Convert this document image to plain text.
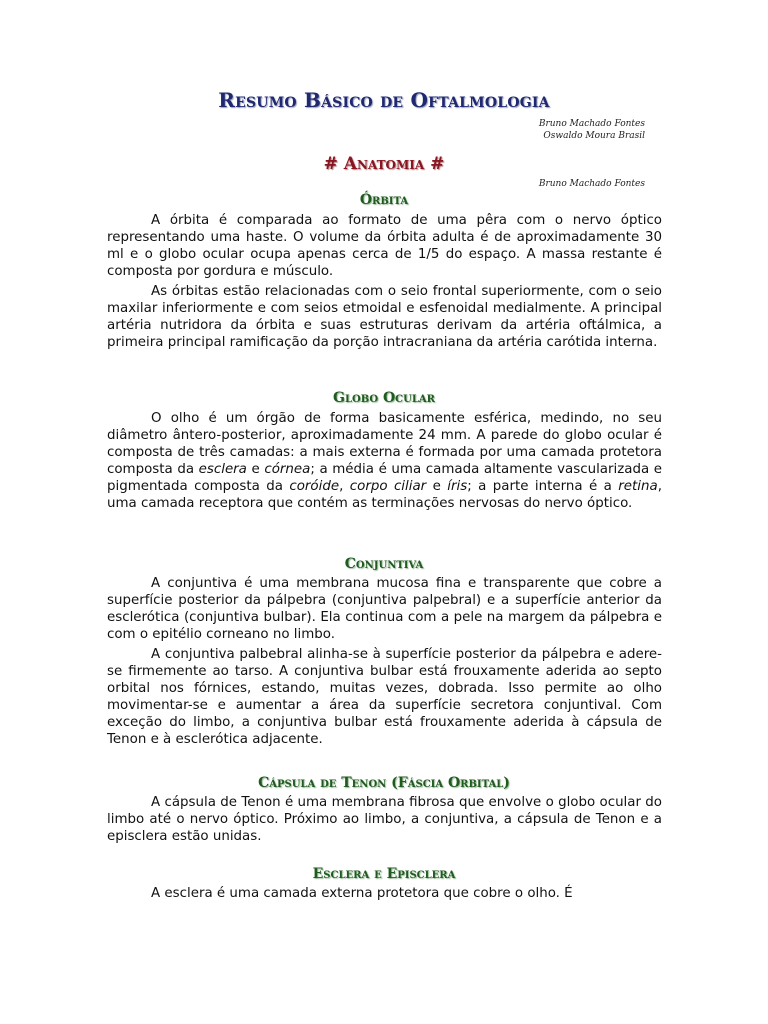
Resumo Básico de Oftalmologia
Bruno Machado Fontes
Oswaldo Moura Brasil
# Anatomia #
Bruno Machado Fontes
Órbita

A órbita é comparada ao formato de uma pêra com o nervo óptico representando uma haste. O volume da órbita adulta é de aproximadamente 30 ml e o globo ocular ocupa apenas cerca de 1/5 do espaço. A massa restante é composta por gordura e músculo.

As órbitas estão relacionadas com o seio frontal superiormente, com o seio maxilar inferiormente e com seios etmoidal e esfenoidal medialmente. A principal artéria nutridora da órbita e suas estruturas derivam da artéria oftálmica, a primeira principal ramificação da porção intracraniana da artéria carótida interna.

Globo Ocular

O olho é um órgão de forma basicamente esférica, medindo, no seu diâmetro ântero-posterior, aproximadamente 24 mm. A parede do globo ocular é composta de três camadas: a mais externa é formada por uma camada protetora composta da esclera e córnea; a média é uma camada altamente vascularizada e pigmentada composta da coróide, corpo ciliar e íris; a parte interna é a retina, uma camada receptora que contém as terminações nervosas do nervo óptico.

Conjuntiva

A conjuntiva é uma membrana mucosa fina e transparente que cobre a superfície posterior da pálpebra (conjuntiva palpebral) e a superfície anterior da esclerótica (conjuntiva bulbar). Ela continua com a pele na margem da pálpebra e com o epitélio corneano no limbo.

A conjuntiva palbebral alinha-se à superfície posterior da pálpebra e adere-se firmemente ao tarso. A conjuntiva bulbar está frouxamente aderida ao septo orbital nos fórnices, estando, muitas vezes, dobrada. Isso permite ao olho movimentar-se e aumentar a área da superfície secretora conjuntival. Com exceção do limbo, a conjuntiva bulbar está frouxamente aderida à cápsula de Tenon e à esclerótica adjacente.

Cápsula de Tenon (Fáscia Orbital)

A cápsula de Tenon é uma membrana fibrosa que envolve o globo ocular do limbo até o nervo óptico. Próximo ao limbo, a conjuntiva, a cápsula de Tenon e a episclera estão unidas.

Esclera e Episclera

A esclera é uma camada externa protetora que cobre o olho. É
